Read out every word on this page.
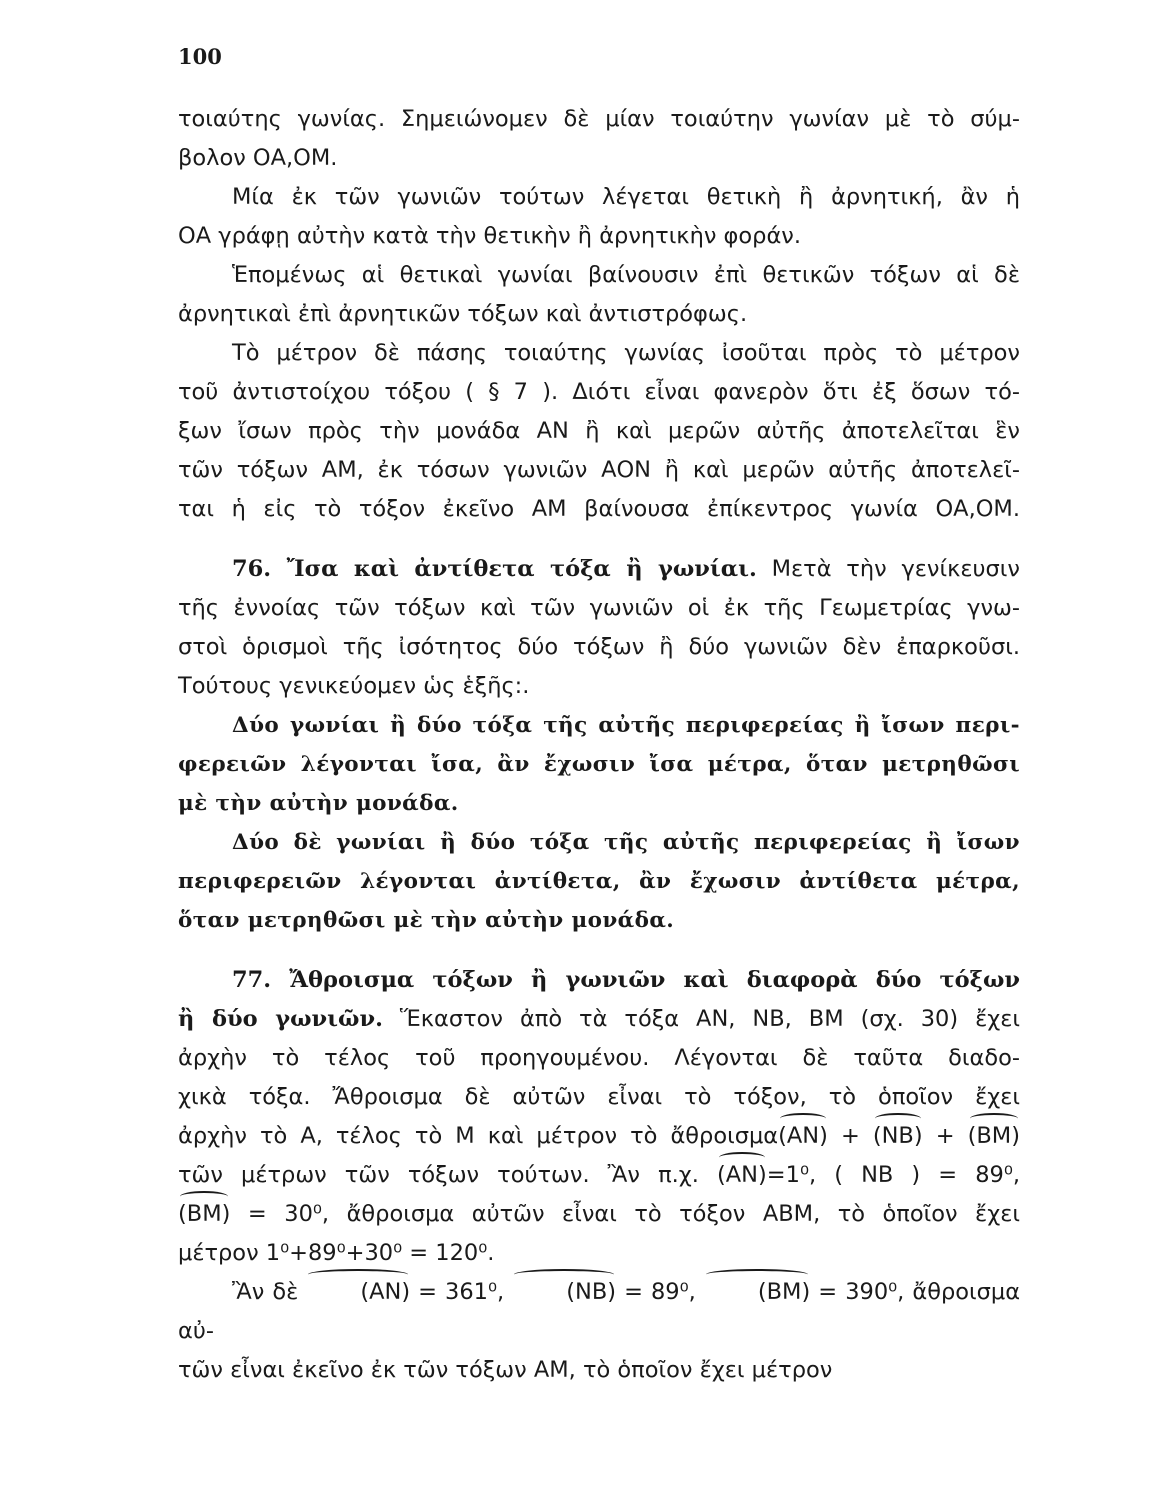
100

τοιαύτης γωνίας. Σημειώνομεν δὲ μίαν τοιαύτην γωνίαν μὲ τὸ σύμ-

βολον ΟΑ,ΟΜ.

Μία ἐκ τῶν γωνιῶν τούτων λέγεται θετικὴ ἢ ἀρνητική, ἂν ἡ

ΟΑ γράφῃ αὐτὴν κατὰ τὴν θετικὴν ἢ ἀρνητικὴν φοράν.

Ἑπομένως αἱ θετικαὶ γωνίαι βαίνουσιν ἐπὶ θετικῶν τόξων αἱ δὲ

ἀρνητικαὶ ἐπὶ ἀρνητικῶν τόξων καὶ ἀντιστρόφως.

Τὸ μέτρον δὲ πάσης τοιαύτης γωνίας ἰσοῦται πρὸς τὸ μέτρον

τοῦ ἀντιστοίχου τόξου ( § 7 ). Διότι εἶναι φανερὸν ὅτι ἐξ ὅσων τό-

ξων ἴσων πρὸς τὴν μονάδα ΑΝ ἢ καὶ μερῶν αὐτῆς ἀποτελεῖται ἓν

τῶν τόξων ΑΜ, ἐκ τόσων γωνιῶν ΑΟΝ ἢ καὶ μερῶν αὐτῆς ἀποτελεῖ-

ται ἡ εἰς τὸ τόξον ἐκεῖνο ΑΜ βαίνουσα ἐπίκεντρος γωνία ΟΑ,ΟΜ.

76. Ἴσα καὶ ἀντίθετα τόξα ἢ γωνίαι. Μετὰ τὴν γενίκευσιν

τῆς ἐννοίας τῶν τόξων καὶ τῶν γωνιῶν οἱ ἐκ τῆς Γεωμετρίας γνω-

στοὶ ὁρισμοὶ τῆς ἰσότητος δύο τόξων ἢ δύο γωνιῶν δὲν ἐπαρκοῦσι.

Τούτους γενικεύομεν ὡς ἑξῆς:.

Δύο γωνίαι ἢ δύο τόξα τῆς αὐτῆς περιφερείας ἢ ἴσων περι-

φερειῶν λέγονται ἴσα, ἂν ἔχωσιν ἴσα μέτρα, ὅταν μετρηθῶσι

μὲ τὴν αὐτὴν μονάδα.

Δύο δὲ γωνίαι ἢ δύο τόξα τῆς αὐτῆς περιφερείας ἢ ἴσων

περιφερειῶν λέγονται ἀντίθετα, ἂν ἔχωσιν ἀντίθετα μέτρα,

ὅταν μετρηθῶσι μὲ τὴν αὐτὴν μονάδα.

77. Ἄθροισμα τόξων ἢ γωνιῶν καὶ διαφορὰ δύο τόξων

ἢ δύο γωνιῶν. Ἕκαστον ἀπὸ τὰ τόξα ΑΝ, ΝΒ, ΒΜ (σχ. 30) ἔχει

ἀρχὴν τὸ τέλος τοῦ προηγουμένου. Λέγονται δὲ ταῦτα διαδο-

χικὰ τόξα. Ἄθροισμα δὲ αὐτῶν εἶναι τὸ τόξον, τὸ ὁποῖον ἔχει

ἀρχὴν τὸ Α, τέλος τὸ Μ καὶ μέτρον τὸ ἄθροισμα(ΑΝ) + (ΝΒ) + (ΒΜ)

τῶν μέτρων τῶν τόξων τούτων. Ἂν π.χ. (ΑΝ)=1⁰, ( ΝΒ ) = 89⁰,

(ΒΜ) = 30⁰, ἄθροισμα αὐτῶν εἶναι τὸ τόξον ΑΒΜ, τὸ ὁποῖον ἔχει

μέτρον 1⁰+89⁰+30⁰ = 120⁰.

Ἂν δὲ	(ΑΝ) = 361⁰,	(ΝΒ) = 89⁰,	(ΒΜ) = 390⁰, ἄθροισμα αὐ-

τῶν εἶναι ἐκεῖνο ἐκ τῶν τόξων ΑΜ, τὸ ὁποῖον ἔχει μέτρον
